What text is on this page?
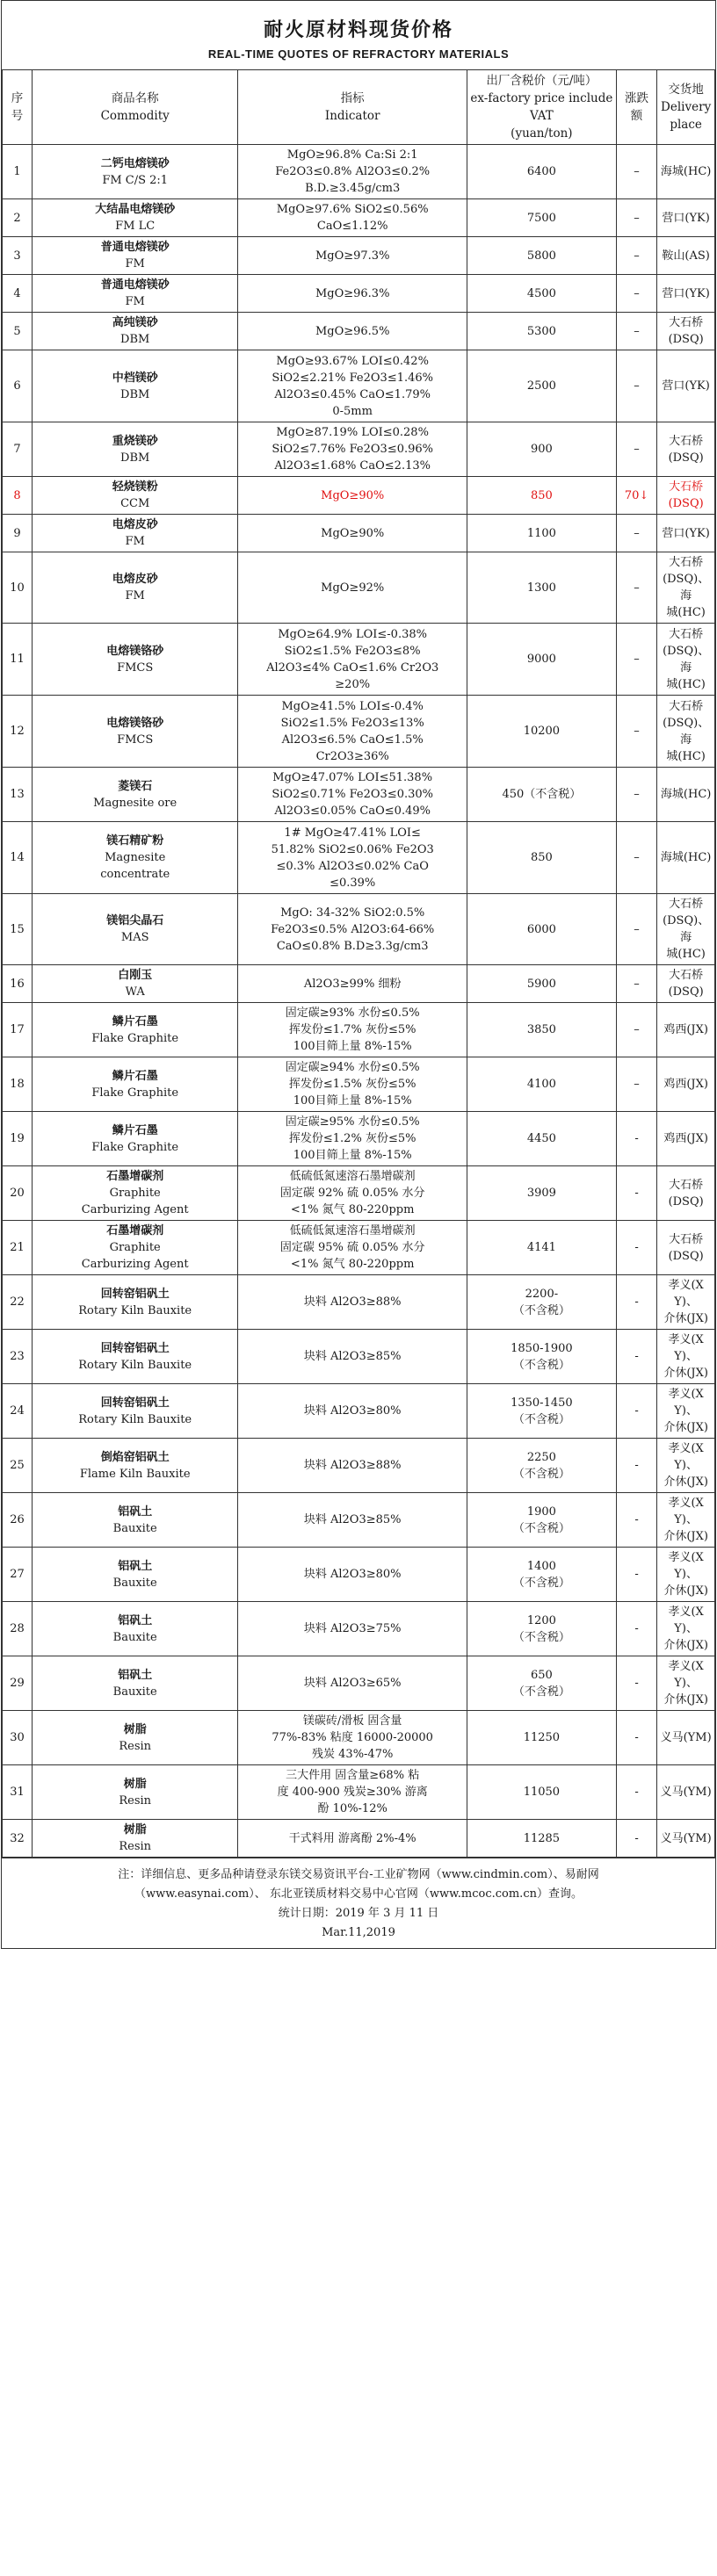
耐火原材料现货价格
REAL-TIME QUOTES OF REFRACTORY MATERIALS
序号	商品名称
Commodity	指标
Indicator	出厂含税价（元/吨）
ex-factory price include VAT
(yuan/ton)	涨跌额	交货地
Delivery place

1	二钙电熔镁砂
FM C/S 2:1	MgO≥96.8% Ca:Si 2:1
Fe2O3≤0.8% Al2O3≤0.2%
B.D.≥3.45g/cm3	6400	–	海城(HC)

2	大结晶电熔镁砂
FM LC	MgO≥97.6% SiO2≤0.56%
CaO≤1.12%	7500	–	营口(YK)

3	普通电熔镁砂
FM	MgO≥97.3%	5800	–	鞍山(AS)

4	普通电熔镁砂
FM	MgO≥96.3%	4500	–	营口(YK)

5	高纯镁砂
DBM	MgO≥96.5%	5300	–	大石桥
(DSQ)

6	中档镁砂
DBM	MgO≥93.67% LOI≤0.42%
SiO2≤2.21% Fe2O3≤1.46%
Al2O3≤0.45% CaO≤1.79%
0-5mm	2500	–	营口(YK)

7	重烧镁砂
DBM	MgO≥87.19% LOI≤0.28%
SiO2≤7.76% Fe2O3≤0.96%
Al2O3≤1.68% CaO≤2.13%	900	–	大石桥
(DSQ)

8	轻烧镁粉
CCM	MgO≥90%	850	70↓	大石桥
(DSQ)

9	电熔皮砂
FM	MgO≥90%	1100	–	营口(YK)

10	电熔皮砂
FM	MgO≥92%	1300	–	大石桥
(DSQ)、海
城(HC)

11	电熔镁铬砂
FMCS	MgO≥64.9% LOI≤-0.38%
SiO2≤1.5% Fe2O3≤8%
Al2O3≤4% CaO≤1.6% Cr2O3
≥20%	9000	–	大石桥
(DSQ)、海
城(HC)

12	电熔镁铬砂
FMCS	MgO≥41.5% LOI≤-0.4%
SiO2≤1.5% Fe2O3≤13%
Al2O3≤6.5% CaO≤1.5%
Cr2O3≥36%	10200	–	大石桥
(DSQ)、海
城(HC)

13	菱镁石
Magnesite ore	MgO≥47.07% LOI≤51.38%
SiO2≤0.71% Fe2O3≤0.30%
Al2O3≤0.05% CaO≤0.49%	450（不含税）	–	海城(HC)

14	镁石精矿粉
Magnesite
concentrate	1# MgO≥47.41% LOI≤
51.82% SiO2≤0.06% Fe2O3
≤0.3% Al2O3≤0.02% CaO
≤0.39%	850	–	海城(HC)

15	镁铝尖晶石
MAS	MgO: 34-32% SiO2:0.5%
Fe2O3≤0.5% Al2O3:64-66%
CaO≤0.8% B.D≥3.3g/cm3	6000	–	大石桥
(DSQ)、海
城(HC)

16	白刚玉
WA	Al2O3≥99% 细粉	5900	–	大石桥
(DSQ)

17	鳞片石墨
Flake Graphite	固定碳≥93% 水份≤0.5%
挥发份≤1.7% 灰份≤5%
100目筛上量 8%-15%	3850	–	鸡西(JX)

18	鳞片石墨
Flake Graphite	固定碳≥94% 水份≤0.5%
挥发份≤1.5% 灰份≤5%
100目筛上量 8%-15%	4100	–	鸡西(JX)

19	鳞片石墨
Flake Graphite	固定碳≥95% 水份≤0.5%
挥发份≤1.2% 灰份≤5%
100目筛上量 8%-15%	4450	-	鸡西(JX)

20	石墨增碳剂
Graphite
Carburizing Agent	低硫低氮速溶石墨增碳剂
固定碳 92% 硫 0.05% 水分
<1% 氮气 80-220ppm	3909	-	大石桥
(DSQ)

21	石墨增碳剂
Graphite
Carburizing Agent	低硫低氮速溶石墨增碳剂
固定碳 95% 硫 0.05% 水分
<1% 氮气 80-220ppm	4141	-	大石桥
(DSQ)

22	回转窑铝矾土
Rotary Kiln Bauxite	块料 Al2O3≥88%	2200-
（不含税）	-	孝义(XY)、
介休(JX)

23	回转窑铝矾土
Rotary Kiln Bauxite	块料 Al2O3≥85%	1850-1900
（不含税）	-	孝义(XY)、
介休(JX)

24	回转窑铝矾土
Rotary Kiln Bauxite	块料 Al2O3≥80%	1350-1450
（不含税）	-	孝义(XY)、
介休(JX)

25	倒焰窑铝矾土
Flame Kiln Bauxite	块料 Al2O3≥88%	2250
（不含税）	-	孝义(XY)、
介休(JX)

26	铝矾土
Bauxite	块料 Al2O3≥85%	1900
（不含税）	-	孝义(XY)、
介休(JX)

27	铝矾土
Bauxite	块料 Al2O3≥80%	1400
（不含税）	-	孝义(XY)、
介休(JX)

28	铝矾土
Bauxite	块料 Al2O3≥75%	1200
（不含税）	-	孝义(XY)、
介休(JX)

29	铝矾土
Bauxite	块料 Al2O3≥65%	650
（不含税）	-	孝义(XY)、
介休(JX)

30	树脂
Resin	镁碳砖/滑板 固含量
77%-83% 粘度 16000-20000
残炭 43%-47%	11250	-	义马(YM)

31	树脂
Resin	三大件用 固含量≥68% 粘
度 400-900 残炭≥30% 游离
酚 10%-12%	11050	-	义马(YM)

32	树脂
Resin	干式料用 游离酚 2%-4%	11285	-	义马(YM)
注：详细信息、更多品种请登录东镁交易资讯平台-工业矿物网（www.cindmin.com）、易耐网
（www.easynai.com）、 东北亚镁质材料交易中心官网（www.mcoc.com.cn）查询。
统计日期：2019 年 3 月 11 日
Mar.11,2019
